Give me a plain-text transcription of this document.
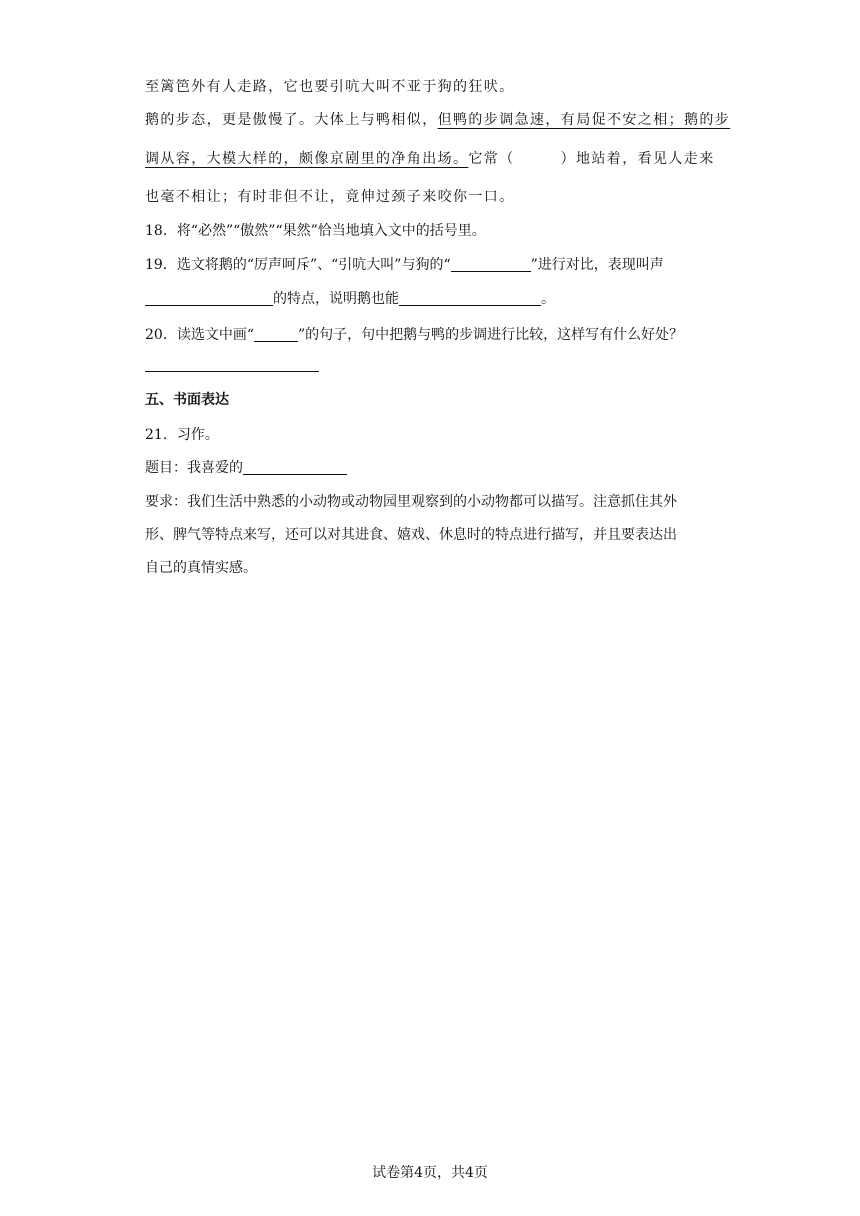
至篱笆外有人走路，它也要引吭大叫不亚于狗的狂吠。
鹅的步态，更是傲慢了。大体上与鸭相似，但鸭的步调急速，有局促不安之相；鹅的步
调从容，大模大样的，颇像京剧里的净角出场。它常（	）地站着，看见人走来
也毫不相让；有时非但不让，竟伸过颈子来咬你一口。
18．将“必然”“傲然”“果然”恰当地填入文中的括号里。
19．选文将鹅的“厉声呵斥”、“引吭大叫”与狗的“	”进行对比，表现叫声
的特点，说明鹅也能	。
20．读选文中画“	”的句子，句中把鹅与鸭的步调进行比较，这样写有什么好处？
五、书面表达
21．习作。
题目：我喜爱的
要求：我们生活中熟悉的小动物或动物园里观察到的小动物都可以描写。注意抓住其外
形、脾气等特点来写，还可以对其进食、嬉戏、休息时的特点进行描写，并且要表达出
自己的真情实感。
试卷第4页，共4页
